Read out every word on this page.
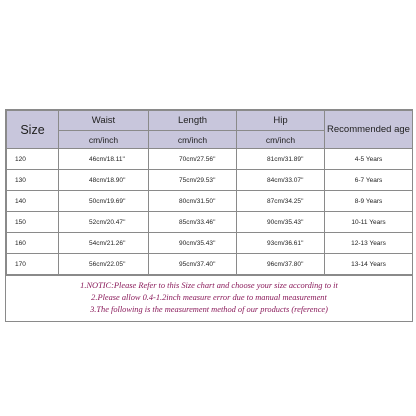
Size	Waist	Length	Hip	Recommended age
	cm/inch	cm/inch	cm/inch	
120	46cm/18.11''	70cm/27.56''	81cm/31.89''	4-5 Years
130	48cm/18.90''	75cm/29.53''	84cm/33.07''	6-7 Years
140	50cm/19.69''	80cm/31.50''	87cm/34.25''	8-9 Years
150	52cm/20.47''	85cm/33.46''	90cm/35.43''	10-11 Years
160	54cm/21.26''	90cm/35.43''	93cm/36.61''	12-13 Years
170	56cm/22.05''	95cm/37.40''	96cm/37.80''	13-14 Years
1.NOTIC:Please Refer to this Size chart and choose your size according to it
2.Please allow 0.4-1.2inch measure error due to manual measurement
3.The following is the measurement method of our products (reference)
